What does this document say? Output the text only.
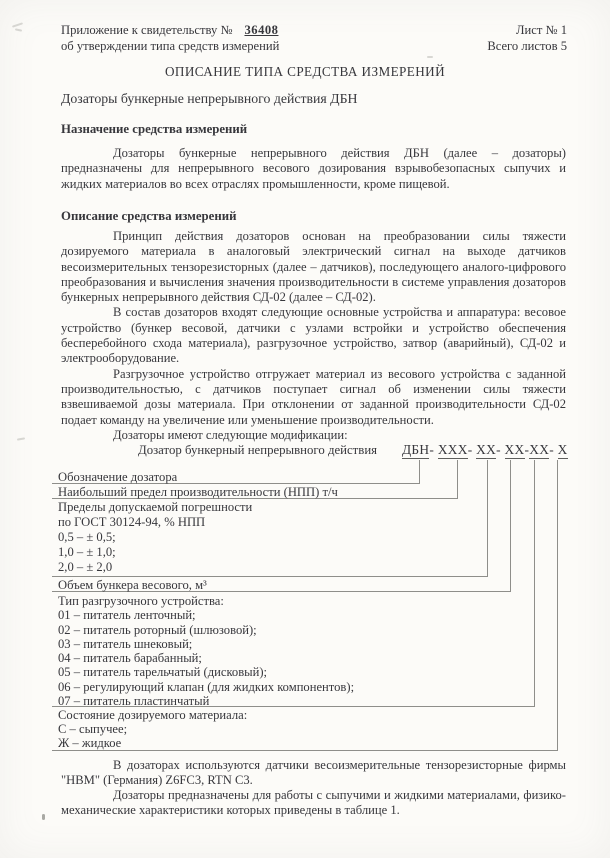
Приложение к свидетельству № 36408
об утверждении типа средств измерений
Лист № 1
Всего листов 5
ОПИСАНИЕ ТИПА СРЕДСТВА ИЗМЕРЕНИЙ
Дозаторы бункерные непрерывного действия ДБН
Назначение средства измерений

Дозаторы бункерные непрерывного действия ДБН (далее – дозаторы) предназначены для непрерывного весового дозирования взрывобезопасных сыпучих и жидких материалов во всех отраслях промышленности, кроме пищевой.

Описание средства измерений

Принцип действия дозаторов основан на преобразовании силы тяжести дозируемого материала в аналоговый электрический сигнал на выходе датчиков весоизмерительных тензорезисторных (далее – датчиков), последующего аналого-цифрового преобразования и вычисления значения производительности в системе управления дозаторов бункерных непрерывного действия СД-02 (далее – СД-02).

В состав дозаторов входят следующие основные устройства и аппаратура: весовое устройство (бункер весовой, датчики с узлами встройки и устройство обеспечения бесперебойного схода материала), разгрузочное устройство, затвор (аварийный), СД-02 и электрооборудование.

Разгрузочное устройство отгружает материал из весового устройства с заданной производительностью, с датчиков поступает сигнал об изменении силы тяжести взвешиваемой дозы материала. При отклонении от заданной производительности СД-02 подает команду на увеличение или уменьшение производительности.

Дозаторы имеют следующие модификации:

Дозатор бункерный непрерывного действия ДБН- ХХХ- ХХ- ХХ-ХХ- Х
Обозначение дозатора
Наибольший предел производительности (НПП) т/ч
Пределы допускаемой погрешности
по ГОСТ 30124-94, % НПП
0,5 – ± 0,5;
1,0 – ± 1,0;
2,0 – ± 2,0
Объем бункера весового, м³
Тип разгрузочного устройства:
01 – питатель ленточный;
02 – питатель роторный (шлюзовой);
03 – питатель шнековый;
04 – питатель барабанный;
05 – питатель тарельчатый (дисковый);
06 – регулирующий клапан (для жидких компонентов);
07 – питатель пластинчатый
Состояние дозируемого материала:
С – сыпучее;
Ж – жидкое

В дозаторах используются датчики весоизмерительные тензорезисторные фирмы "HBM" (Германия) Z6FC3, RTN C3.

Дозаторы предназначены для работы с сыпучими и жидкими материалами, физико-механические характеристики которых приведены в таблице 1.
